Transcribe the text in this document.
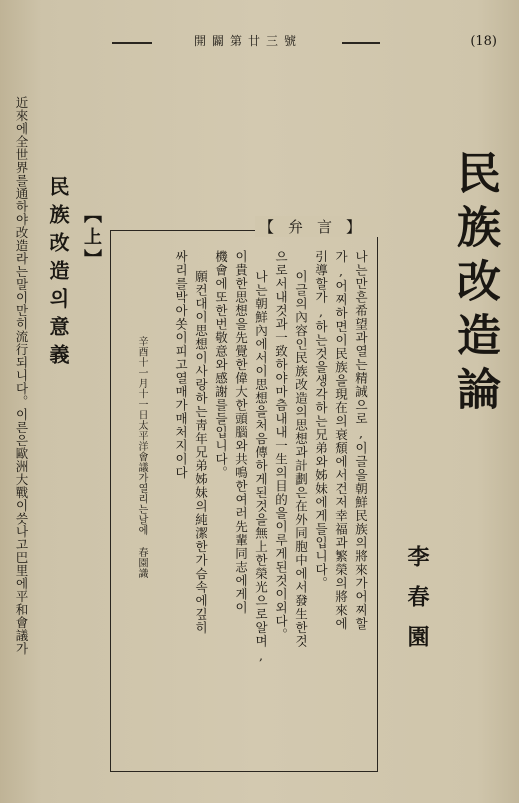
號三廿第闢開	(18)
民族改造論
李春園
【弁言】
나는만흔希望과열는精誠으로,이글을朝鮮民族의將來가어찌할
가,어찌하면이民族을現在의衰頹에서건저幸福과繁榮의將來에
引導할가,하는것을생각하는兄弟와姊妹에게들입니다。
이글의內容인民族改造의思想과計劃은在外同胞中에서發生한것
으로서내것과一致하야마츰내내一生의目的을이루게된것이외다。
나는朝鮮內에서이思想을처음傳하게된것을無上한榮光으로알며,
이貴한思想을先覺한偉大한頭腦와共鳴한여러先輩同志에게이
機會에또한번敬意와感謝를들입니다。
願컨대이思想이사랑하는靑年兄弟姊妹의純潔한가슴속에깊히
싸리를박아쏫이피고열매가매처지이다
辛酉十一月十一日太平洋會議가열리는날에 春園識
【上】
民族改造의意義
近來에全世界를通하야改造라는말이만히流行되니다。이른은歐洲大戰이씃나고巴里에平和會議가
